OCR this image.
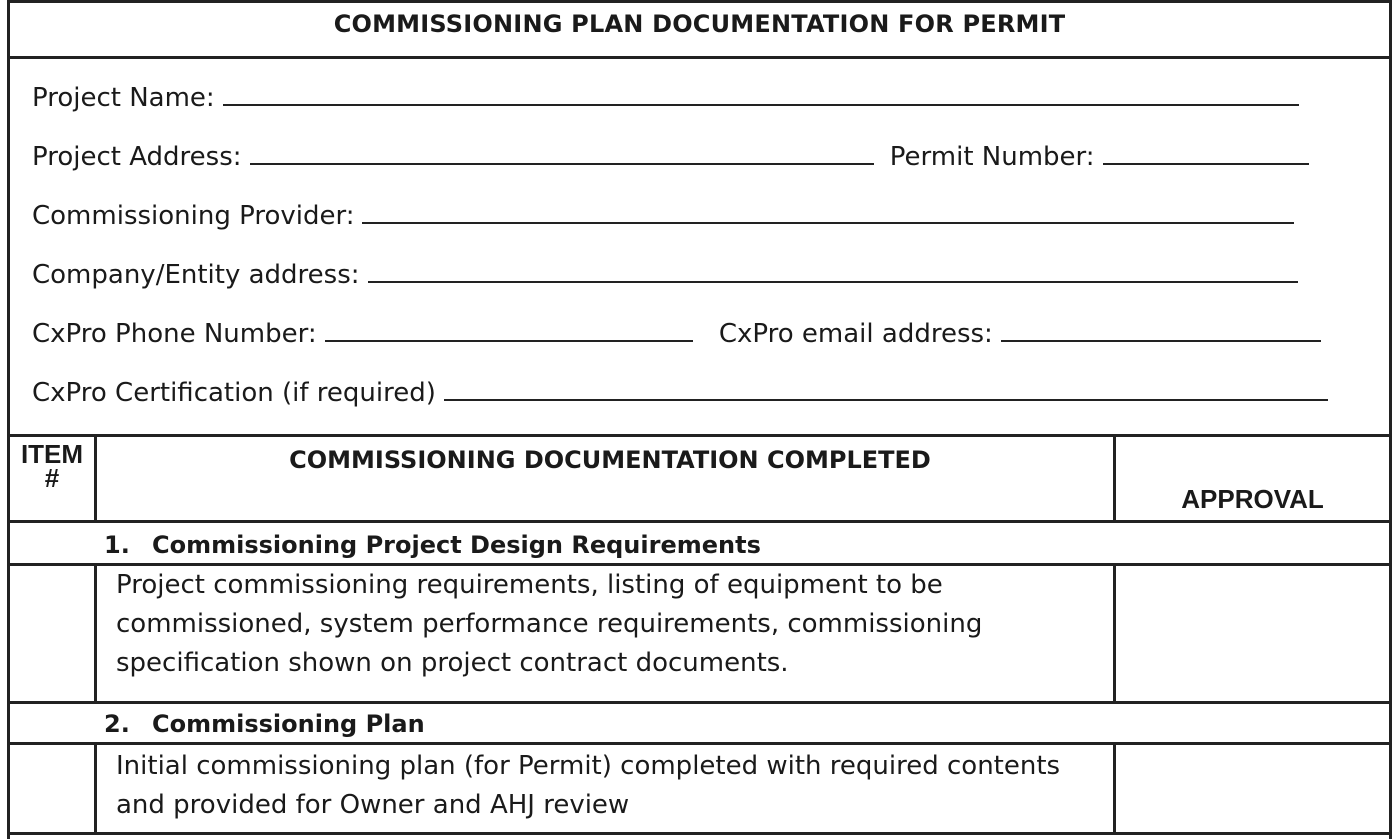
COMMISSIONING PLAN DOCUMENTATION FOR PERMIT
Project Name:
Project Address:	Permit Number:
Commissioning Provider:
Company/Entity address:
CxPro Phone Number:	CxPro email address:
CxPro Certification (if required)
ITEM #
COMMISSIONING DOCUMENTATION COMPLETED
APPROVAL
1. Commissioning Project Design Requirements
Project commissioning requirements, listing of equipment to be commissioned, system performance requirements, commissioning specification shown on project contract documents.
2. Commissioning Plan
Initial commissioning plan (for Permit) completed with required contents and provided for Owner and AHJ review
